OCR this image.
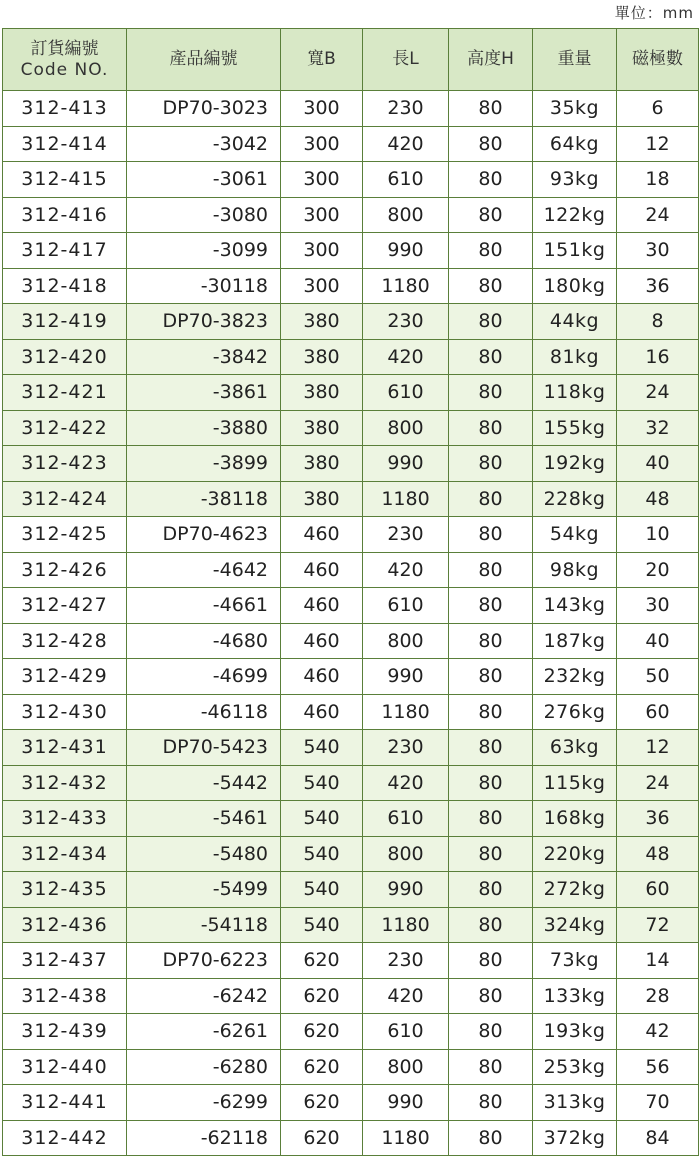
單位：mm
訂貨編號
Code NO.	產品編號	寬B	長L	高度H	重量	磁極數
312-413	DP70-3023	300	230	80	35kg	6
312-414	-3042	300	420	80	64kg	12
312-415	-3061	300	610	80	93kg	18
312-416	-3080	300	800	80	122kg	24
312-417	-3099	300	990	80	151kg	30
312-418	-30118	300	1180	80	180kg	36
312-419	DP70-3823	380	230	80	44kg	8
312-420	-3842	380	420	80	81kg	16
312-421	-3861	380	610	80	118kg	24
312-422	-3880	380	800	80	155kg	32
312-423	-3899	380	990	80	192kg	40
312-424	-38118	380	1180	80	228kg	48
312-425	DP70-4623	460	230	80	54kg	10
312-426	-4642	460	420	80	98kg	20
312-427	-4661	460	610	80	143kg	30
312-428	-4680	460	800	80	187kg	40
312-429	-4699	460	990	80	232kg	50
312-430	-46118	460	1180	80	276kg	60
312-431	DP70-5423	540	230	80	63kg	12
312-432	-5442	540	420	80	115kg	24
312-433	-5461	540	610	80	168kg	36
312-434	-5480	540	800	80	220kg	48
312-435	-5499	540	990	80	272kg	60
312-436	-54118	540	1180	80	324kg	72
312-437	DP70-6223	620	230	80	73kg	14
312-438	-6242	620	420	80	133kg	28
312-439	-6261	620	610	80	193kg	42
312-440	-6280	620	800	80	253kg	56
312-441	-6299	620	990	80	313kg	70
312-442	-62118	620	1180	80	372kg	84
